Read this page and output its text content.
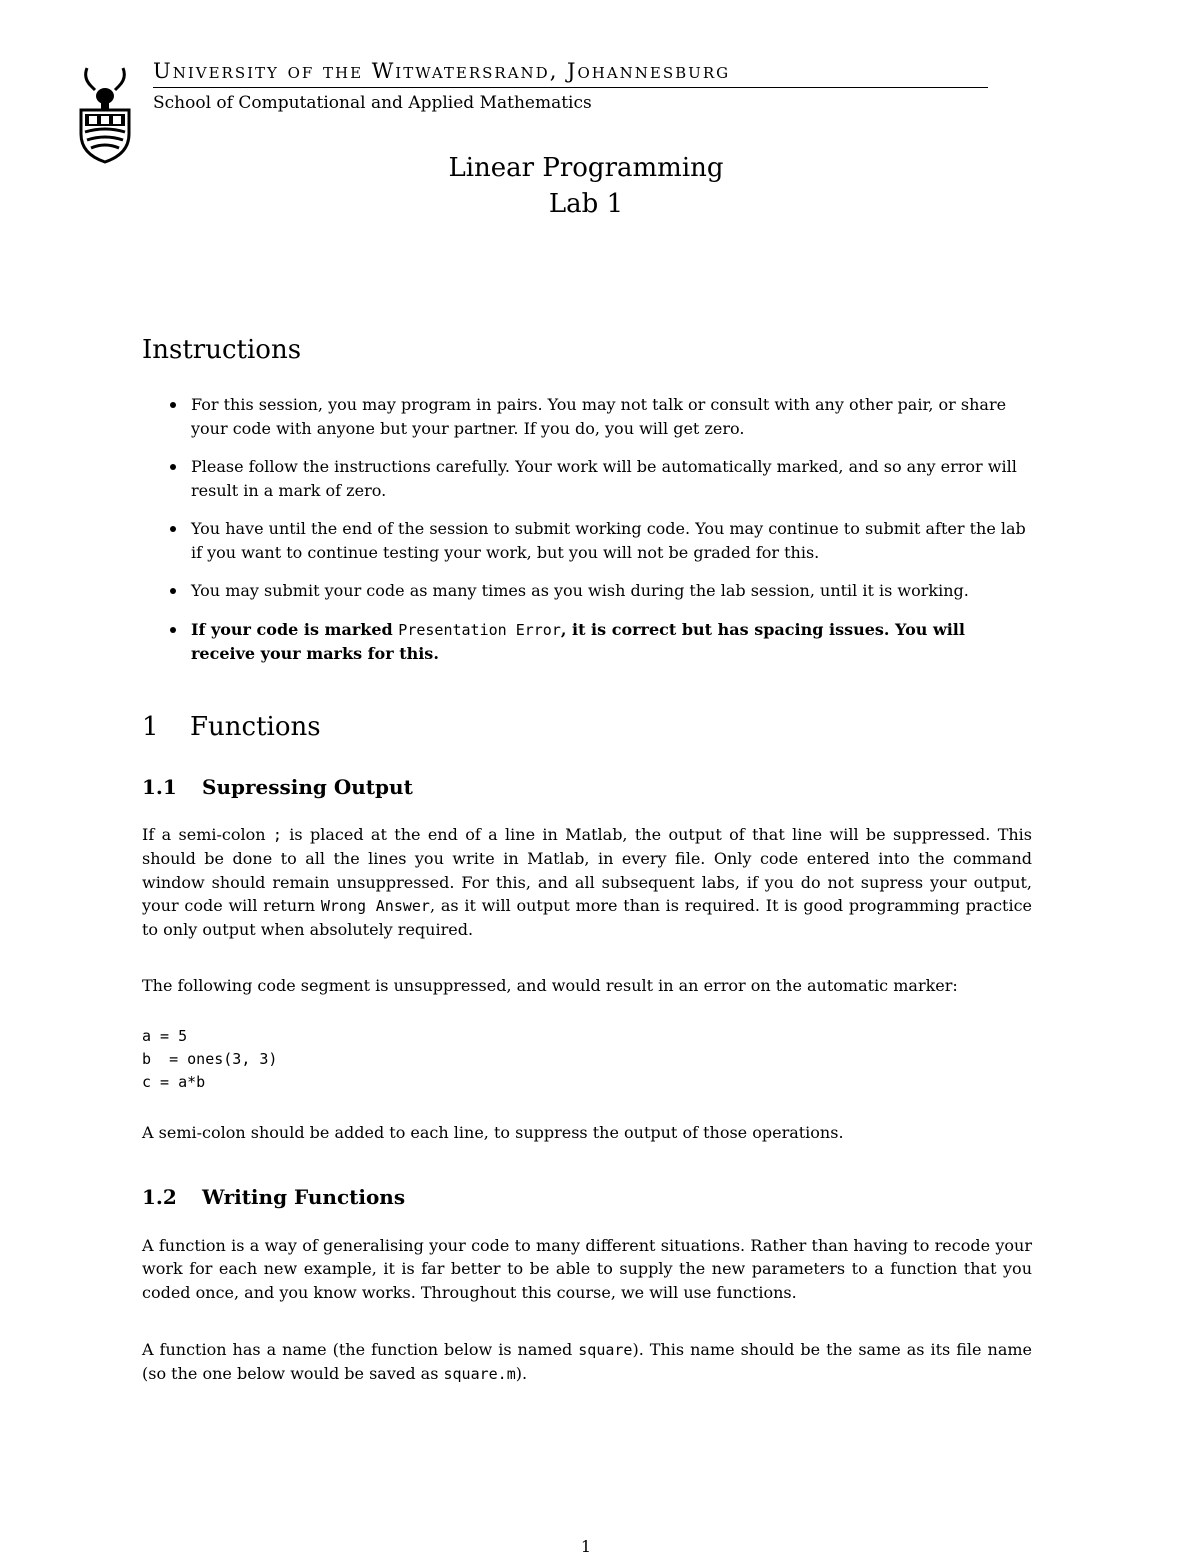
University of the Witwatersrand, Johannesburg
School of Computational and Applied Mathematics
Linear Programming
Lab 1
Instructions
For this session, you may program in pairs. You may not talk or consult with any other pair, or share your code with anyone but your partner. If you do, you will get zero.
Please follow the instructions carefully. Your work will be automatically marked, and so any error will result in a mark of zero.
You have until the end of the session to submit working code. You may continue to submit after the lab if you want to continue testing your work, but you will not be graded for this.
You may submit your code as many times as you wish during the lab session, until it is working.
If your code is marked Presentation Error, it is correct but has spacing issues. You will receive your marks for this.
1 Functions
1.1 Supressing Output
If a semi-colon ; is placed at the end of a line in Matlab, the output of that line will be suppressed. This should be done to all the lines you write in Matlab, in every file. Only code entered into the command window should remain unsuppressed. For this, and all subsequent labs, if you do not supress your output, your code will return Wrong Answer, as it will output more than is required. It is good programming practice to only output when absolutely required.
The following code segment is unsuppressed, and would result in an error on the automatic marker:
a = 5
b  = ones(3, 3)
c = a*b
A semi-colon should be added to each line, to suppress the output of those operations.
1.2 Writing Functions
A function is a way of generalising your code to many different situations. Rather than having to recode your work for each new example, it is far better to be able to supply the new parameters to a function that you coded once, and you know works. Throughout this course, we will use functions.
A function has a name (the function below is named square). This name should be the same as its file name (so the one below would be saved as square.m).
1
